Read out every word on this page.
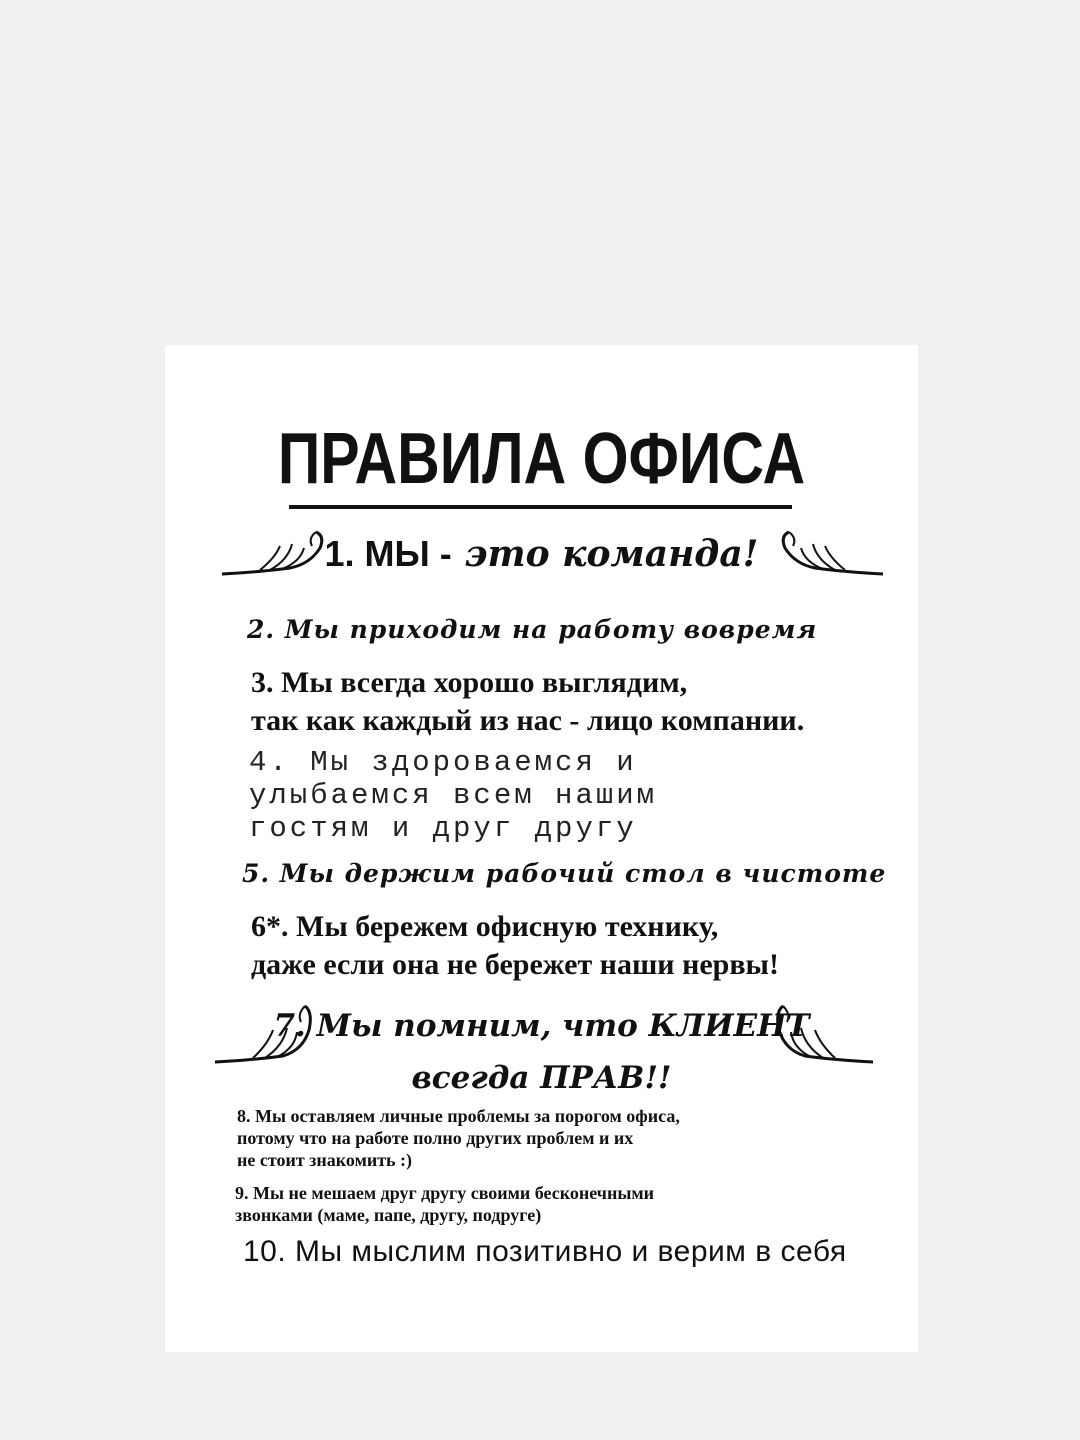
ПРАВИЛА ОФИСА
1. МЫ - это команда!
2. Мы приходим на работу вовремя
3. Мы всегда хорошо выглядим,
так как каждый из нас - лицо компании.
4. Мы здороваемся и
улыбаемся всем нашим
гостям и друг другу
5. Мы держим рабочий стол в чистоте
6*. Мы бережем офисную технику,
даже если она не бережет наши нервы!
7. Мы помним, что КЛИЕНТ
всегда ПРАВ!!
8. Мы оставляем личные проблемы за порогом офиса,
потому что на работе полно других проблем и их
не стоит знакомить :)
9. Мы не мешаем друг другу своими бесконечными
звонками (маме, папе, другу, подруге)
10. Мы мыслим позитивно и верим в себя
